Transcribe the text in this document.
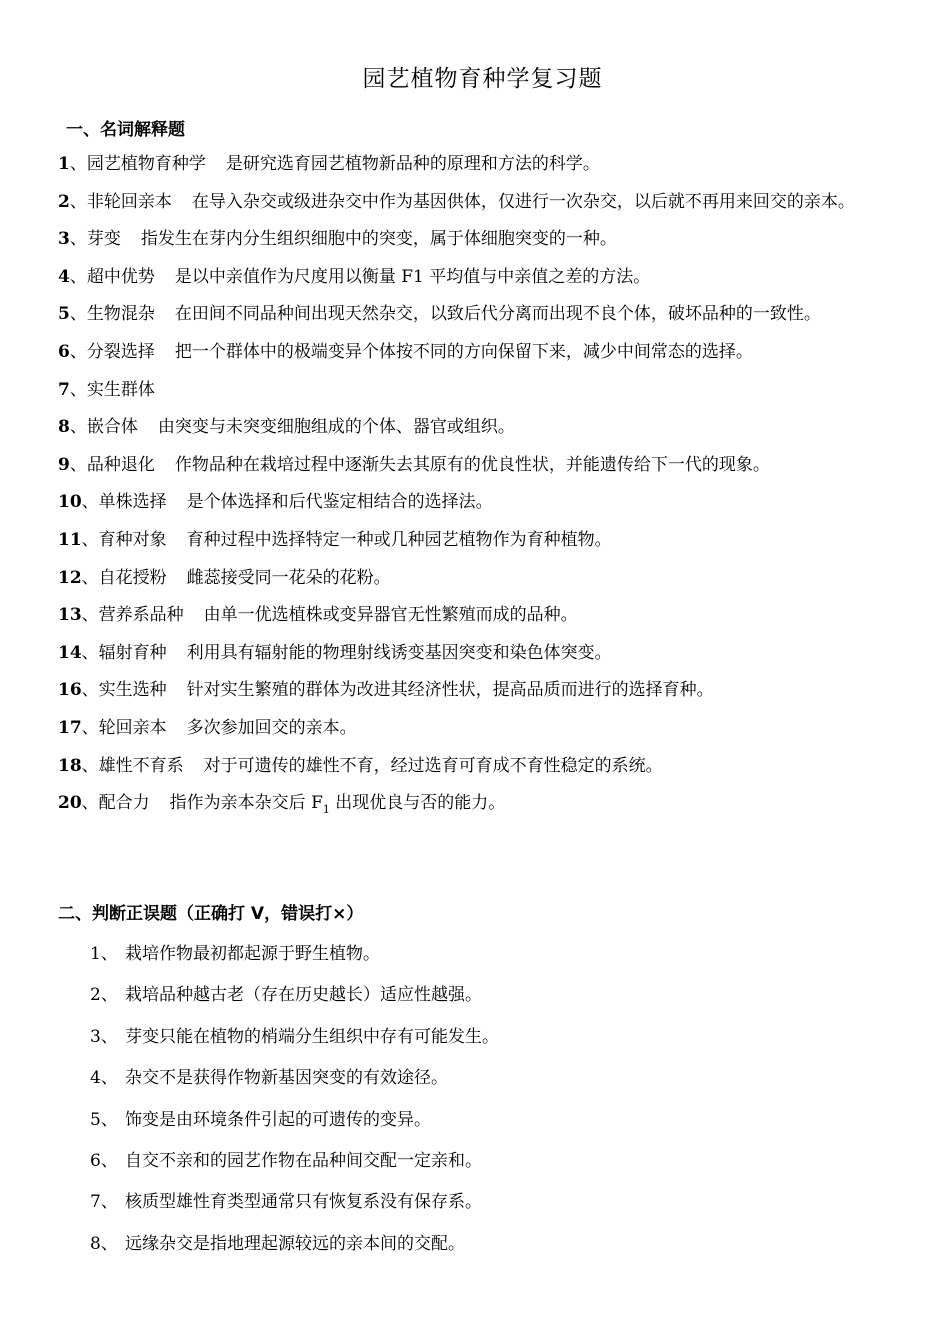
园艺植物育种学复习题
一、名词解释题

1、园艺植物育种学 是研究选育园艺植物新品种的原理和方法的科学。

2、非轮回亲本 在导入杂交或级进杂交中作为基因供体，仅进行一次杂交，以后就不再用来回交的亲本。

3、芽变 指发生在芽内分生组织细胞中的突变，属于体细胞突变的一种。

4、超中优势 是以中亲值作为尺度用以衡量 F1 平均值与中亲值之差的方法。

5、生物混杂 在田间不同品种间出现天然杂交，以致后代分离而出现不良个体，破坏品种的一致性。

6、分裂选择 把一个群体中的极端变异个体按不同的方向保留下来，减少中间常态的选择。

7、实生群体

8、嵌合体 由突变与未突变细胞组成的个体、器官或组织。

9、品种退化 作物品种在栽培过程中逐渐失去其原有的优良性状，并能遗传给下一代的现象。

10、单株选择 是个体选择和后代鉴定相结合的选择法。

11、育种对象 育种过程中选择特定一种或几种园艺植物作为育种植物。

12、自花授粉 雌蕊接受同一花朵的花粉。

13、营养系品种 由单一优选植株或变异器官无性繁殖而成的品种。

14、辐射育种 利用具有辐射能的物理射线诱变基因突变和染色体突变。

16、实生选种 针对实生繁殖的群体为改进其经济性状，提高品质而进行的选择育种。

17、轮回亲本 多次参加回交的亲本。

18、雄性不育系 对于可遗传的雄性不育，经过选育可育成不育性稳定的系统。

20、配合力 指作为亲本杂交后 $F_1$ 出现优良与否的能力。

二、判断正误题（正确打 V，错误打×）

1、 栽培作物最初都起源于野生植物。

2、 栽培品种越古老（存在历史越长）适应性越强。

3、 芽变只能在植物的梢端分生组织中存有可能发生。

4、 杂交不是获得作物新基因突变的有效途径。

5、 饰变是由环境条件引起的可遗传的变异。

6、 自交不亲和的园艺作物在品种间交配一定亲和。

7、 核质型雄性育类型通常只有恢复系没有保存系。

8、 远缘杂交是指地理起源较远的亲本间的交配。
